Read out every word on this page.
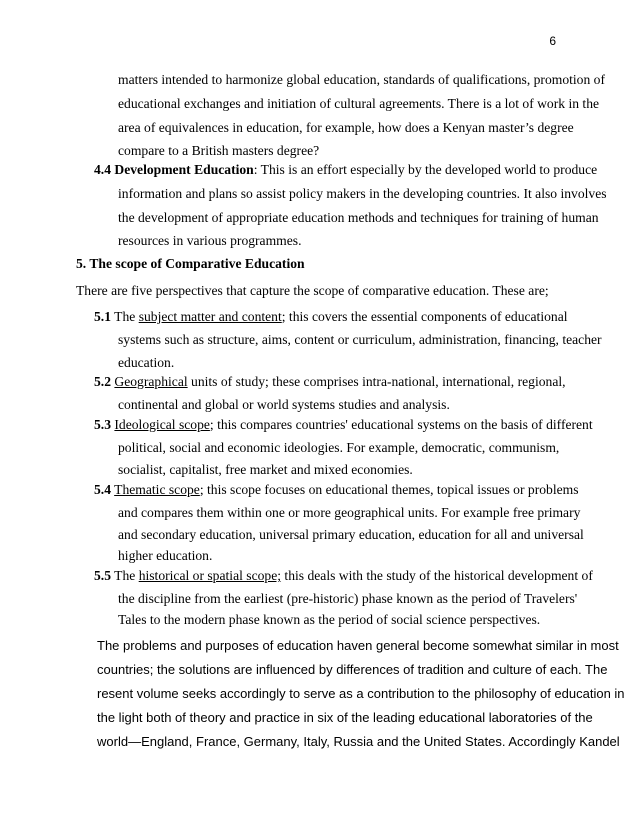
6
matters intended to harmonize global education, standards of qualifications, promotion of
educational exchanges and initiation of cultural agreements. There is a lot of work in the
area of equivalences in education, for example, how does a Kenyan master’s degree
compare to a British masters degree?
4.4 Development Education: This is an effort especially by the developed world to produce
information and plans so assist policy makers in the developing countries. It also involves
the development of appropriate education methods and techniques for training of human
resources in various programmes.
5. The scope of Comparative Education
There are five perspectives that capture the scope of comparative education. These are;
5.1 The subject matter and content; this covers the essential components of educational
systems such as structure, aims, content or curriculum, administration, financing, teacher
education.
5.2 Geographical units of study; these comprises intra-national, international, regional,
continental and global or world systems studies and analysis.
5.3 Ideological scope; this compares countries' educational systems on the basis of different
political, social and economic ideologies. For example, democratic, communism,
socialist, capitalist, free market and mixed economies.
5.4 Thematic scope; this scope focuses on educational themes, topical issues or problems
and compares them within one or more geographical units. For example free primary
and secondary education, universal primary education, education for all and universal
higher education.
5.5 The historical or spatial scope; this deals with the study of the historical development of
the discipline from the earliest (pre-historic) phase known as the period of Travelers'
Tales to the modern phase known as the period of social science perspectives.
The problems and purposes of education haven general become somewhat similar in most
countries; the solutions are influenced by differences of tradition and culture of each. The
resent volume seeks accordingly to serve as a contribution to the philosophy of education in
the light both of theory and practice in six of the leading educational laboratories of the
world—England, France, Germany, Italy, Russia and the United States. Accordingly Kandel
